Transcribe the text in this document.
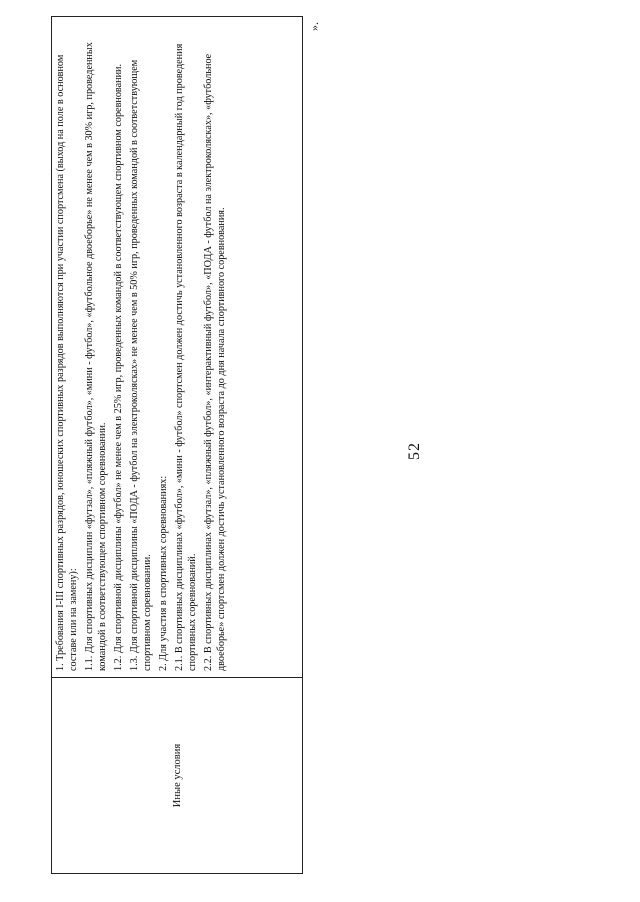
52
Иные условия

1. Требования I-III спортивных разрядов, юношеских спортивных разрядов выполняются при участии спортсмена (выход на поле в основном составе или на замену): 1.1. Для спортивных дисциплин «футзал», «пляжный футбол», «мини - футбол», «футбольное двоеборье» не менее чем в 30% игр, проведенных командой в соответствующем спортивном соревновании. 1.2. Для спортивной дисциплины «футбол» не менее чем в 25% игр, проведенных командой в соответствующем спортивном соревновании. 1.3. Для спортивной дисциплины «ПОДА - футбол на электроколясках» не менее чем в 50% игр, проведенных командой в соответствующем спортивном соревновании. 2. Для участия в спортивных соревнованиях: 2.1. В спортивных дисциплинах «футбол», «мини - футбол» спортсмен должен достичь установленного возраста в календарный год проведения спортивных соревнований. 2.2. В спортивных дисциплинах «футзал», «пляжный футбол», «интерактивный футбол», «ПОДА - футбол на электроколясках», «футбольное двоеборье» спортсмен должен достичь установленного возраста до дня начала спортивного соревнования.

».
